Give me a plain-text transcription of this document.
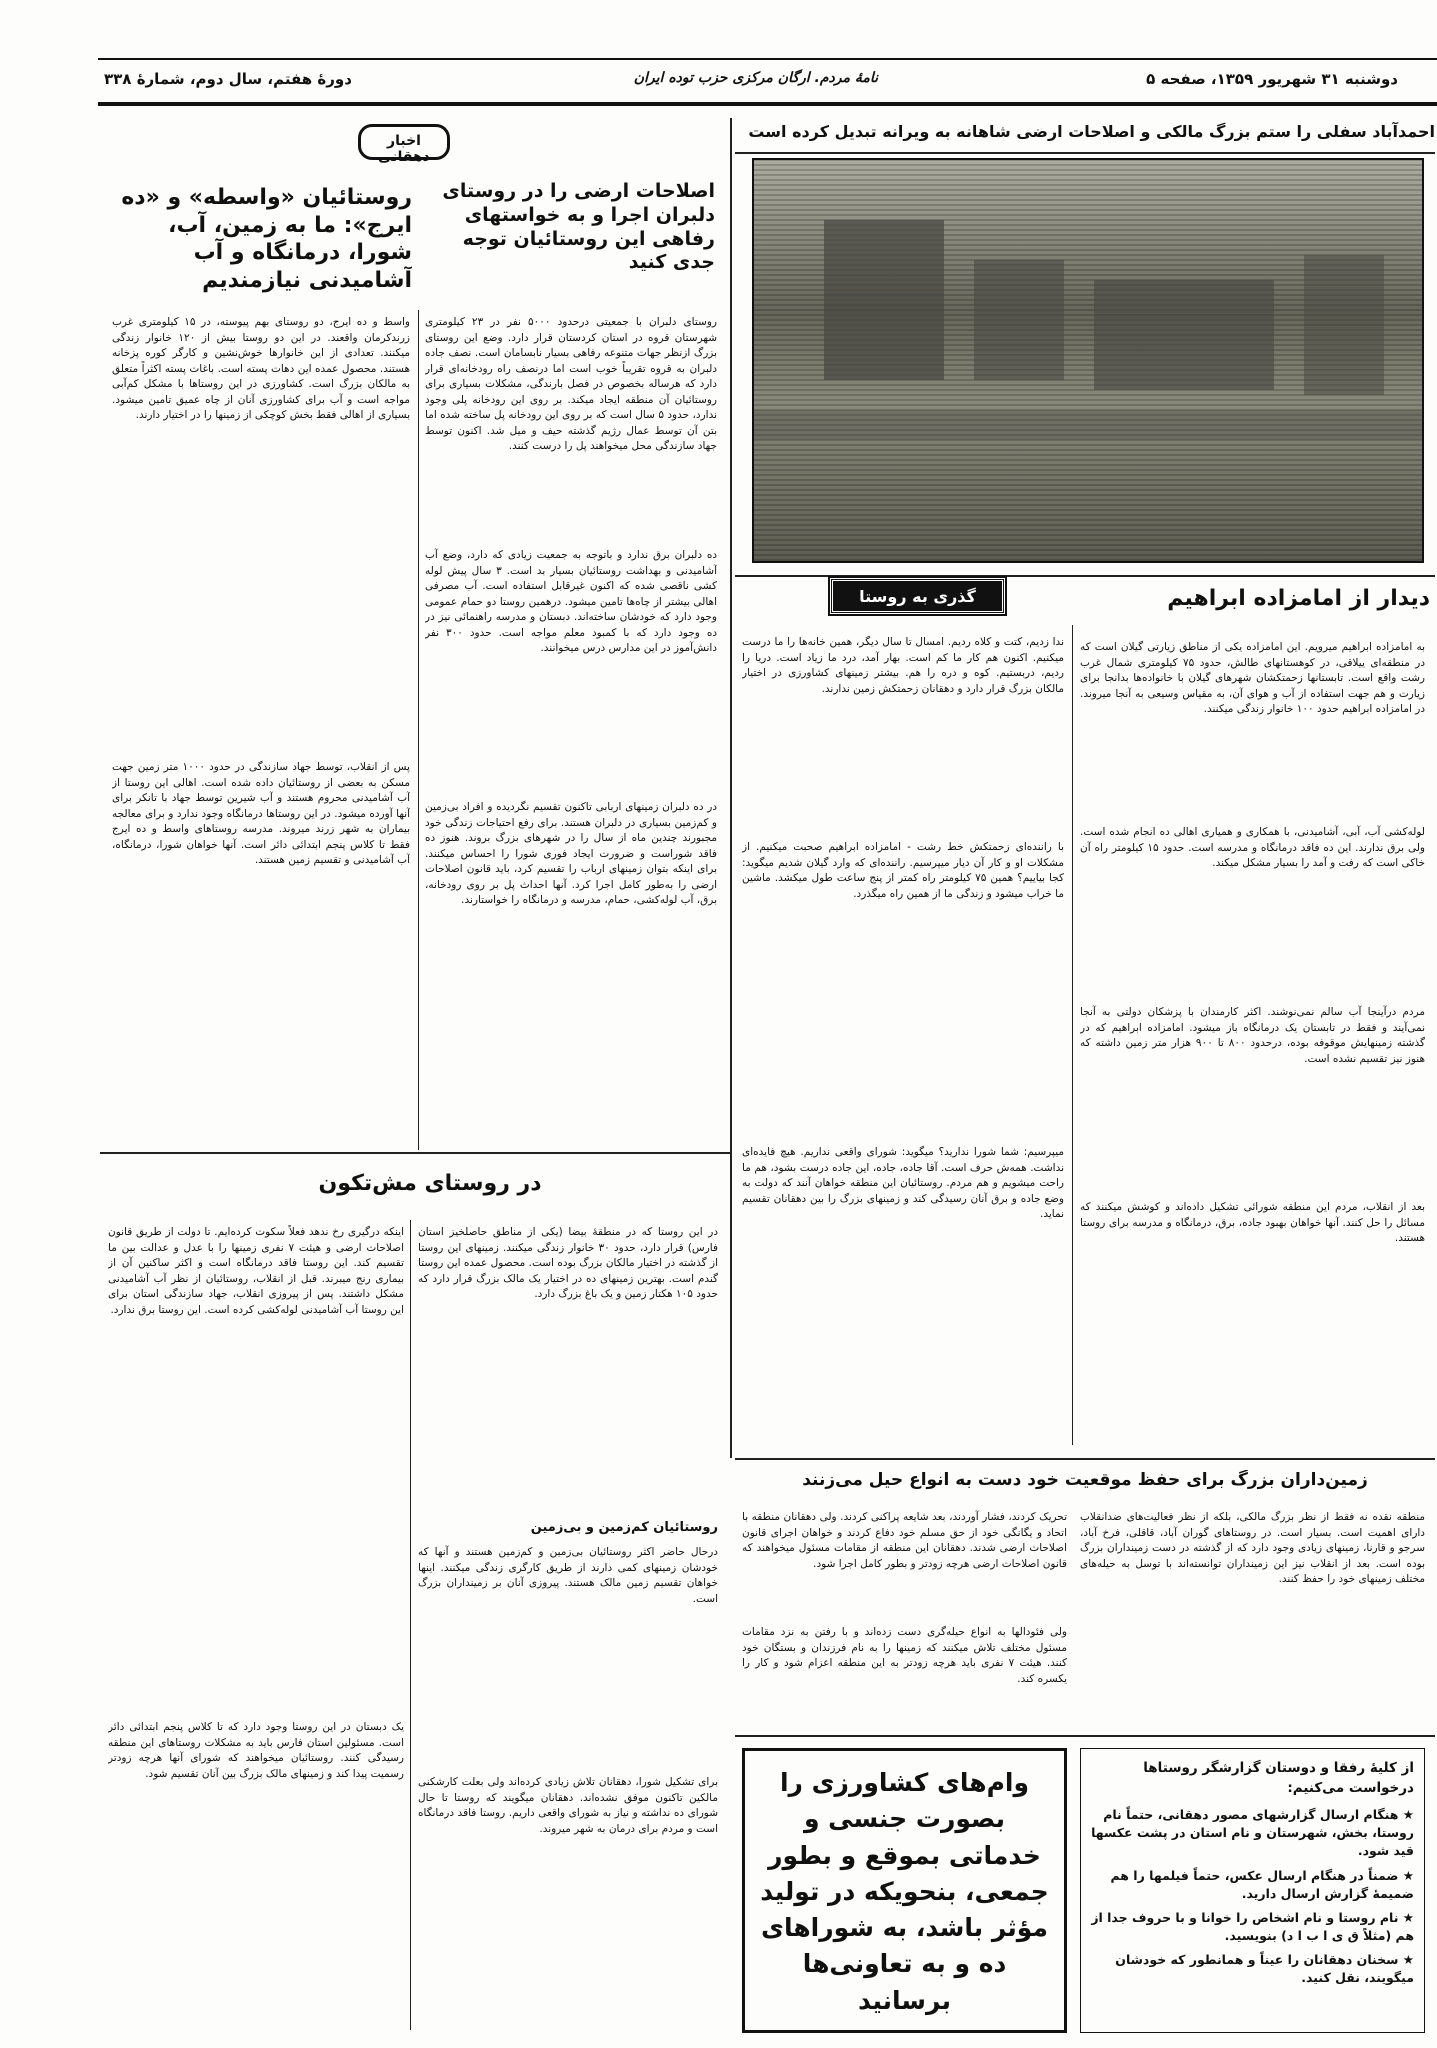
دوشنبه ۳۱ شهریور ۱۳۵۹، صفحه ۵
نامهٔ مردم. ارگان مرکزی حزب توده ایران
دورهٔ هفتم، سال دوم، شمارهٔ ۳۳۸
احمدآباد سفلی را ستم بزرگ مالکی و اصلاحات ارضی شاهانه به ویرانه تبدیل کرده است
اخبار دهقانی
اصلاحات ارضی را در روستای دلبران اجرا و به خواستهای رفاهی این روستائیان توجه جدی کنید
روستائیان «واسطه» و «ده ایرج»: ما به زمین، آب، شورا، درمانگاه و آب آشامیدنی نیازمندیم
روستای دلبران با جمعیتی درحدود ۵۰۰۰ نفر در ۲۳ کیلومتری شهرستان قروه در استان کردستان قرار دارد. وضع این روستای بزرگ ازنظر جهات متنوعه رفاهی بسیار نابسامان است. نصف جاده دلبران به قروه تقریباً خوب است اما درنصف راه رودخانه‌ای قرار دارد که هرساله بخصوص در فصل بارندگی، مشکلات بسیاری برای روستائیان آن منطقه ایجاد میکند. بر روی این رودخانه پلی وجود ندارد، حدود ۵ سال است که بر روی این رودخانه پل ساخته شده اما بتن آن توسط عمال رژیم گذشته حیف و میل شد. اکنون توسط جهاد سازندگی محل میخواهند پل را درست کنند.
ده دلبران برق ندارد و باتوجه به جمعیت زیادی که دارد، وضع آب آشامیدنی و بهداشت روستائیان بسیار بد است. ۳ سال پیش لوله کشی ناقصی شده که اکنون غیرقابل استفاده است. آب مصرفی اهالی بیشتر از چاه‌ها تامین میشود. درهمین روستا دو حمام عمومی وجود دارد که خودشان ساخته‌اند. دبستان و مدرسه راهنمائی نیز در ده وجود دارد که با کمبود معلم مواجه است. حدود ۳۰۰ نفر دانش‌آموز در این مدارس درس میخوانند.
در ده دلبران زمینهای اربابی تاکنون تقسیم نگردیده و افراد بی‌زمین و کم‌زمین بسیاری در دلبران هستند. برای رفع احتیاجات زندگی خود مجبورند چندین ماه از سال را در شهرهای بزرگ بروند. هنوز ده فاقد شوراست و ضرورت ایجاد فوری شورا را احساس میکنند. برای اینکه بتوان زمینهای ارباب را تقسیم کرد، باید قانون اصلاحات ارضی را به‌طور کامل اجرا کرد. آنها احداث پل بر روی رودخانه، برق، آب لوله‌کشی، حمام، مدرسه و درمانگاه را خواستارند.
واسط و ده ایرج، دو روستای بهم پیوسته، در ۱۵ کیلومتری غرب زرندکرمان واقعند. در این دو روستا بیش از ۱۲۰ خانوار زندگی میکنند. تعدادی از این خانوارها خوش‌نشین و کارگر کوره پزخانه هستند. محصول عمده این دهات پسته است. باغات پسته اکثراً متعلق به مالکان بزرگ است. کشاورزی در این روستاها با مشکل کم‌آبی مواجه است و آب برای کشاورزی آنان از چاه عمیق تامین میشود. بسیاری از اهالی فقط بخش کوچکی از زمینها را در اختیار دارند.
پس از انقلاب، توسط جهاد سازندگی در حدود ۱۰۰۰ متر زمین جهت مسکن به بعضی از روستائیان داده شده است. اهالی این روستا از آب آشامیدنی محروم هستند و آب شیرین توسط جهاد با تانکر برای آنها آورده میشود. در این روستاها درمانگاه وجود ندارد و برای معالجه بیماران به شهر زرند میروند. مدرسه روستاهای واسط و ده ایرج فقط تا کلاس پنجم ابتدائی دائر است. آنها خواهان شورا، درمانگاه، آب آشامیدنی و تقسیم زمین هستند.
در روستای مش‌تکون
در این روستا که در منطقهٔ بیضا (یکی از مناطق حاصلخیز استان فارس) قرار دارد، حدود ۳۰ خانوار زندگی میکنند. زمینهای این روستا از گذشته در اختیار مالکان بزرگ بوده است. محصول عمده این روستا گندم است. بهترین زمینهای ده در اختیار یک مالک بزرگ قرار دارد که حدود ۱۰۵ هکتار زمین و یک باغ بزرگ دارد.
روستائیان کم‌زمین و بی‌زمین
درحال حاضر اکثر روستائیان بی‌زمین و کم‌زمین هستند و آنها که خودشان زمینهای کمی دارند از طریق کارگری زندگی میکنند. اینها خواهان تقسیم زمین مالک هستند. پیروزی آنان بر زمینداران بزرگ است.
برای تشکیل شورا، دهقانان تلاش زیادی کرده‌اند ولی بعلت کارشکنی مالکین تاکنون موفق نشده‌اند. دهقانان میگویند که روستا تا حال شورای ده نداشته و نیاز به شورای واقعی داریم. روستا فاقد درمانگاه است و مردم برای درمان به شهر میروند.
اینکه درگیری رخ ندهد فعلاً سکوت کرده‌ایم. تا دولت از طریق قانون اصلاحات ارضی و هیئت ۷ نفری زمینها را با عدل و عدالت بین ما تقسیم کند. این روستا فاقد درمانگاه است و اکثر ساکنین آن از بیماری رنج میبرند. قبل از انقلاب، روستائیان از نظر آب آشامیدنی مشکل داشتند. پس از پیروزی انقلاب، جهاد سازندگی استان برای این روستا آب آشامیدنی لوله‌کشی کرده است. این روستا برق ندارد.
یک دبستان در این روستا وجود دارد که تا کلاس پنجم ابتدائی دائر است. مسئولین استان فارس باید به مشکلات روستاهای این منطقه رسیدگی کنند. روستائیان میخواهند که شورای آنها هرچه زودتر رسمیت پیدا کند و زمینهای مالک بزرگ بین آنان تقسیم شود.
دیدار از امامزاده ابراهیم
گذری به روستا
به امامزاده ابراهیم میرویم. این امامزاده یکی از مناطق زیارتی گیلان است که در منطقه‌ای ییلاقی، در کوهستانهای طالش، حدود ۷۵ کیلومتری شمال غرب رشت واقع است. تابستانها زحمتکشان شهرهای گیلان با خانواده‌ها بدانجا برای زیارت و هم جهت استفاده از آب و هوای آن، به مقیاس وسیعی به آنجا میروند. در امامزاده ابراهیم حدود ۱۰۰ خانوار زندگی میکنند.
لوله‌کشی آب، آبی، آشامیدنی، با همکاری و همیاری اهالی ده انجام شده است. ولی برق ندارند. این ده فاقد درمانگاه و مدرسه است. حدود ۱۵ کیلومتر راه آن خاکی است که رفت و آمد را بسیار مشکل میکند.
مردم درآینجا آب سالم نمی‌نوشند. اکثر کارمندان با پزشکان دولتی به آنجا نمی‌آیند و فقط در تابستان یک درمانگاه باز میشود. امامزاده ابراهیم که در گذشته زمینهایش موقوفه بوده، درحدود ۸۰۰ تا ۹۰۰ هزار متر زمین داشته که هنوز نیز تقسیم نشده است.
بعد از انقلاب، مردم این منطقه شورائی تشکیل داده‌اند و کوشش میکنند که مسائل را حل کنند. آنها خواهان بهبود جاده، برق، درمانگاه و مدرسه برای روستا هستند.
ندا زدیم، کتت و کلاه ردیم. امسال تا سال دیگر، همین خانه‌ها را ما درست میکنیم. اکنون هم کار ما کم است. بهار آمد، درد ما زیاد است. دریا را ردیم، دربستیم. کوه و دره را هم. بیشتر زمینهای کشاورزی در اختیار مالکان بزرگ قرار دارد و دهقانان زحمتکش زمین ندارند.
با راننده‌ای زحمتکش خط رشت - امامزاده ابراهیم صحبت میکنیم. از مشکلات او و کار آن دیار میپرسیم. راننده‌ای که وارد گیلان شدیم میگوید: کجا بیاییم؟ همین ۷۵ کیلومتر راه کمتر از پنج ساعت طول میکشد. ماشین ما خراب میشود و زندگی ما از همین راه میگذرد.
میپرسیم: شما شورا ندارید؟ میگوید: شورای واقعی نداریم. هیچ فایده‌ای نداشت. همه‌ش حرف است. آقا جاده، جاده، این جاده درست بشود، هم ما راحت میشویم و هم مردم. روستائیان این منطقه خواهان آنند که دولت به وضع جاده و برق آنان رسیدگی کند و زمینهای بزرگ را بین دهقانان تقسیم نماید.
زمین‌داران بزرگ برای حفظ موقعیت خود دست به انواع حیل می‌زنند
منطقه نقده نه فقط از نظر بزرگ مالکی، بلکه از نظر فعالیت‌های ضدانقلاب دارای اهمیت است. بسیار است. در روستاهای گوران آباد، قاقلی، فرخ آباد، سرجو و قارنا، زمینهای زیادی وجود دارد که از گذشته در دست زمینداران بزرگ بوده است. بعد از انقلاب نیز این زمینداران توانسته‌اند با توسل به حیله‌های مختلف زمینهای خود را حفظ کنند.
تحریک کردند، فشار آوردند، بعد شایعه پراکنی کردند. ولی دهقانان منطقه با اتحاد و یگانگی خود از حق مسلم خود دفاع کردند و خواهان اجرای قانون اصلاحات ارضی شدند. دهقانان این منطقه از مقامات مسئول میخواهند که قانون اصلاحات ارضی هرچه زودتر و بطور کامل اجرا شود.
ولی فئودالها به انواع حیله‌گری دست زده‌اند و با رفتن به نزد مقامات مسئول مختلف تلاش میکنند که زمینها را به نام فرزندان و بستگان خود کنند. هیئت ۷ نفری باید هرچه زودتر به این منطقه اعزام شود و کار را یکسره کند.
وام‌های کشاورزی را بصورت جنسی و خدماتی بموقع و بطور جمعی، بنحویکه در تولید مؤثر باشد، به شوراهای ده و به تعاونی‌ها برسانید
از کلیهٔ رفقا و دوستان گزارشگر روستاها درخواست می‌کنیم:
★ هنگام ارسال گزارشهای مصور دهقانی، حتماً نام روستا، بخش، شهرستان و نام استان در پشت عکسها قید شود.
★ ضمناً در هنگام ارسال عکس، حتماً فیلمها را هم ضمیمهٔ گزارش ارسال دارید.
★ نام روستا و نام اشخاص را خوانا و با حروف جدا از هم (مثلاً ق ی ا ب ا د) بنویسید.
★ سخنان دهقانان را عیناً و همانطور که خودشان میگویند، نقل کنید.
